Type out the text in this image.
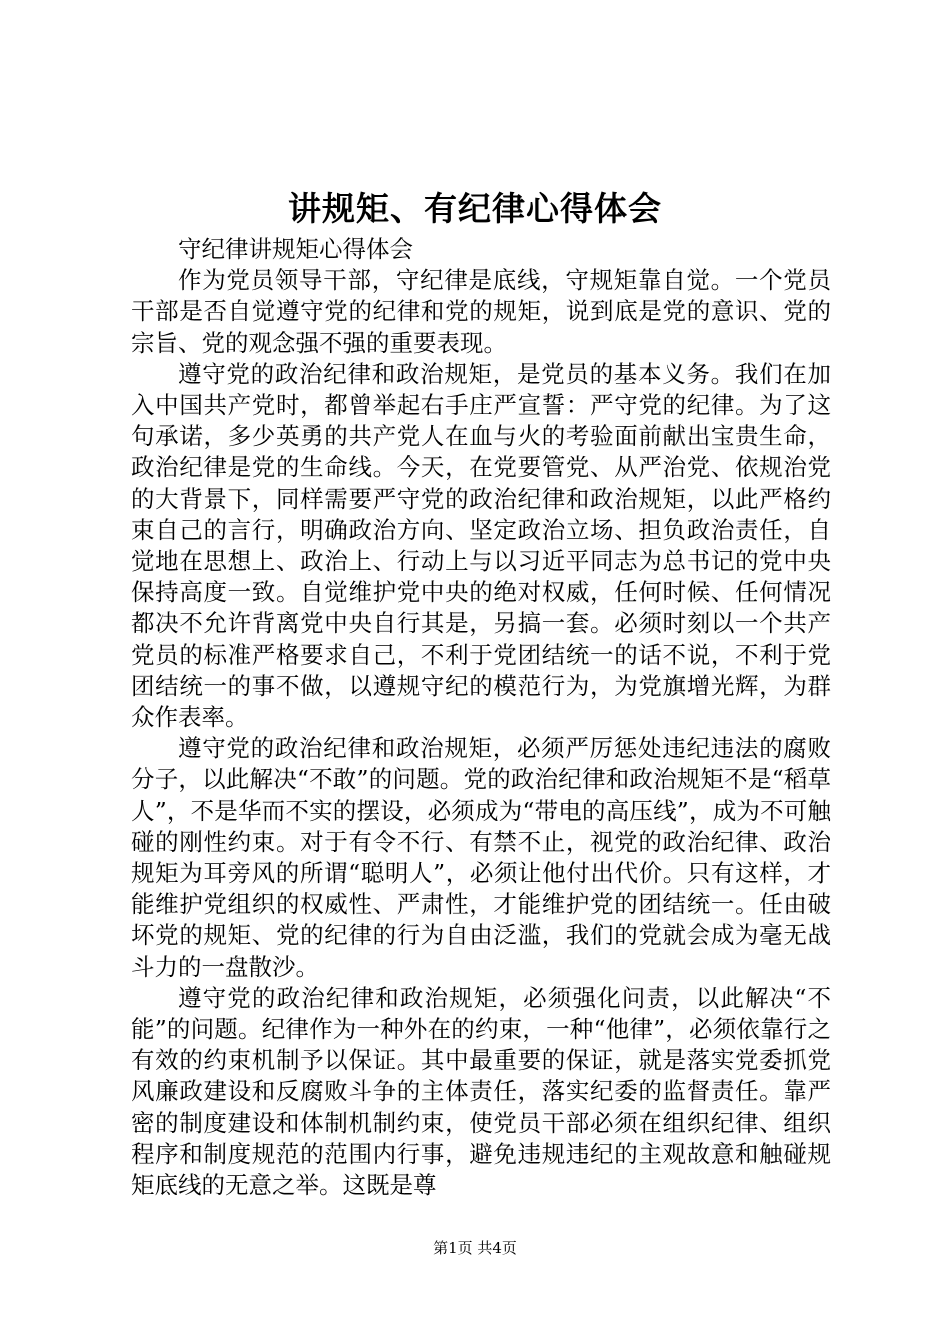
讲规矩、有纪律心得体会

守纪律讲规矩心得体会

作为党员领导干部，守纪律是底线，守规矩靠自觉。一个党员干部是否自觉遵守党的纪律和党的规矩，说到底是党的意识、党的宗旨、党的观念强不强的重要表现。

遵守党的政治纪律和政治规矩，是党员的基本义务。我们在加入中国共产党时，都曾举起右手庄严宣誓：严守党的纪律。为了这句承诺，多少英勇的共产党人在血与火的考验面前献出宝贵生命，政治纪律是党的生命线。今天，在党要管党、从严治党、依规治党的大背景下，同样需要严守党的政治纪律和政治规矩，以此严格约束自己的言行，明确政治方向、坚定政治立场、担负政治责任，自觉地在思想上、政治上、行动上与以习近平同志为总书记的党中央保持高度一致。自觉维护党中央的绝对权威，任何时候、任何情况都决不允许背离党中央自行其是，另搞一套。必须时刻以一个共产党员的标准严格要求自己，不利于党团结统一的话不说，不利于党团结统一的事不做，以遵规守纪的模范行为，为党旗增光辉，为群众作表率。

遵守党的政治纪律和政治规矩，必须严厉惩处违纪违法的腐败分子，以此解决“不敢”的问题。党的政治纪律和政治规矩不是“稻草人”，不是华而不实的摆设，必须成为“带电的高压线”，成为不可触碰的刚性约束。对于有令不行、有禁不止，视党的政治纪律、政治规矩为耳旁风的所谓“聪明人”，必须让他付出代价。只有这样，才能维护党组织的权威性、严肃性，才能维护党的团结统一。任由破坏党的规矩、党的纪律的行为自由泛滥，我们的党就会成为毫无战斗力的一盘散沙。

遵守党的政治纪律和政治规矩，必须强化问责，以此解决“不能”的问题。纪律作为一种外在的约束，一种“他律”，必须依靠行之有效的约束机制予以保证。其中最重要的保证，就是落实党委抓党风廉政建设和反腐败斗争的主体责任，落实纪委的监督责任。靠严密的制度建设和体制机制约束，使党员干部必须在组织纪律、组织程序和制度规范的范围内行事，避免违规违纪的主观故意和触碰规矩底线的无意之举。这既是尊

第1页 共4页
